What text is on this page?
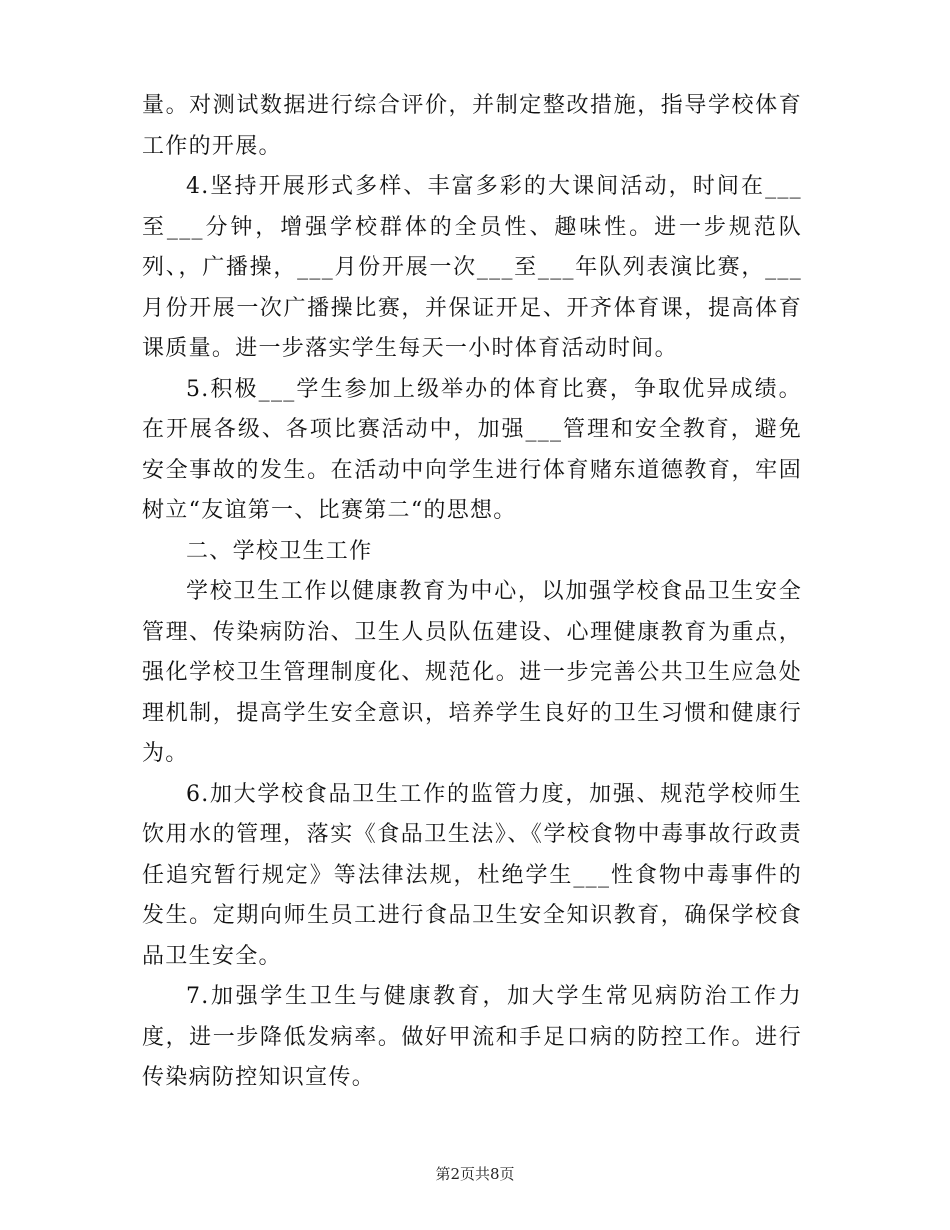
量。对测试数据进行综合评价，并制定整改措施，指导学校体育工作的开展。

4.坚持开展形式多样、丰富多彩的大课间活动，时间在___至___分钟，增强学校群体的全员性、趣味性。进一步规范队列、，广播操，___月份开展一次___至___年队列表演比赛，___月份开展一次广播操比赛，并保证开足、开齐体育课，提高体育课质量。进一步落实学生每天一小时体育活动时间。

5.积极___学生参加上级举办的体育比赛，争取优异成绩。在开展各级、各项比赛活动中，加强___管理和安全教育，避免安全事故的发生。在活动中向学生进行体育赌东道德教育，牢固树立“友谊第一、比赛第二“的思想。

二、学校卫生工作

学校卫生工作以健康教育为中心，以加强学校食品卫生安全管理、传染病防治、卫生人员队伍建设、心理健康教育为重点，强化学校卫生管理制度化、规范化。进一步完善公共卫生应急处理机制，提高学生安全意识，培养学生良好的卫生习惯和健康行为。

6.加大学校食品卫生工作的监管力度，加强、规范学校师生饮用水的管理，落实《食品卫生法》、《学校食物中毒事故行政责任追究暂行规定》等法律法规，杜绝学生___性食物中毒事件的发生。定期向师生员工进行食品卫生安全知识教育，确保学校食品卫生安全。

7.加强学生卫生与健康教育，加大学生常见病防治工作力度，进一步降低发病率。做好甲流和手足口病的防控工作。进行传染病防控知识宣传。

第2页共8页
